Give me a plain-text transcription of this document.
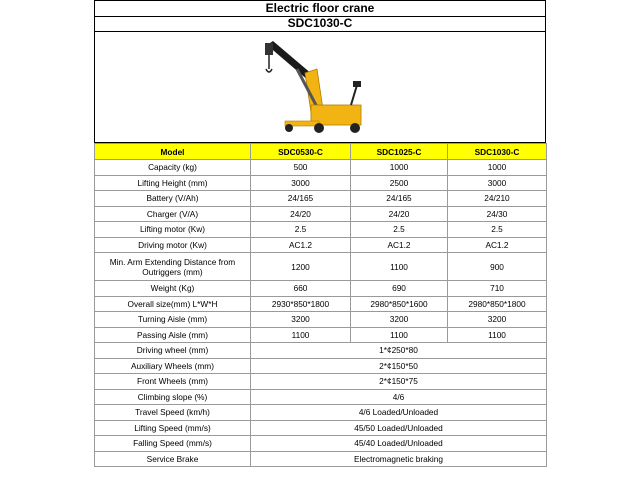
Electric floor crane
SDC1030-C
Model	SDC0530-C	SDC1025-C	SDC1030-C
Capacity (kg)	500	1000	1000
Lifting Height (mm)	3000	2500	3000
Battery (V/Ah)	24/165	24/165	24/210
Charger (V/A)	24/20	24/20	24/30
Lifting motor (Kw)	2.5	2.5	2.5
Driving motor (Kw)	AC1.2	AC1.2	AC1.2
Min. Arm Extending Distance from Outriggers (mm)	1200	1100	900
Weight (Kg)	660	690	710
Overall size(mm) L*W*H	2930*850*1800	2980*850*1600	2980*850*1800
Turning Aisle (mm)	3200	3200	3200
Passing Aisle (mm)	1100	1100	1100
Driving wheel (mm)	1*¢250*80		
Auxiliary Wheels (mm)	2*¢150*50		
Front Wheels (mm)	2*¢150*75		
Climbing slope (%)	4/6		
Travel Speed (km/h)	4/6 Loaded/Unloaded		
Lifting Speed (mm/s)	45/50 Loaded/Unloaded		
Falling Speed (mm/s)	45/40 Loaded/Unloaded		
Service Brake	Electromagnetic braking		
